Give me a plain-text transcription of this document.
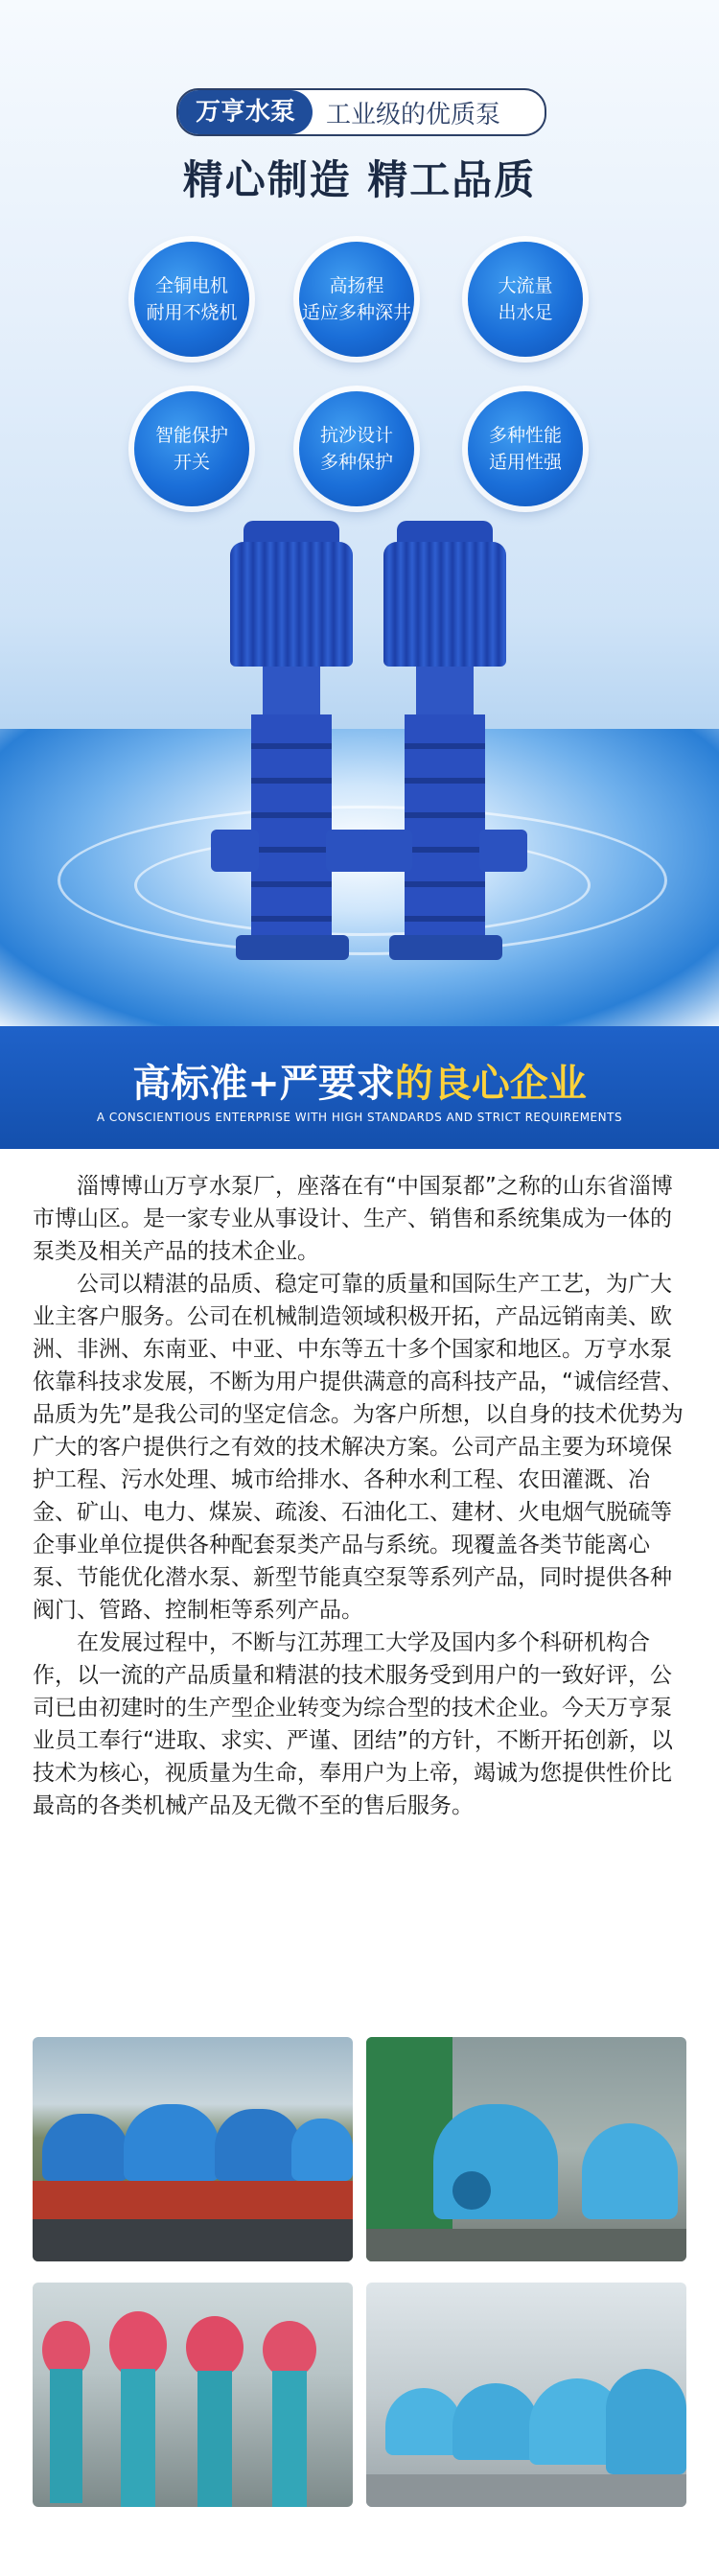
万亨水泵	工业级的优质泵
精心制造 精工品质
全铜电机
耐用不烧机
高扬程
适应多种深井
大流量
出水足
智能保护
开关
抗沙设计
多种保护
多种性能
适用性强
高标准+严要求的良心企业
A CONSCIENTIOUS ENTERPRISE WITH HIGH STANDARDS AND STRICT REQUIREMENTS

淄博博山万亨水泵厂，座落在有“中国泵都”之称的山东省淄博市博山区。是一家专业从事设计、生产、销售和系统集成为一体的泵类及相关产品的技术企业。

公司以精湛的品质、稳定可靠的质量和国际生产工艺，为广大业主客户服务。公司在机械制造领域积极开拓，产品远销南美、欧洲、非洲、东南亚、中亚、中东等五十多个国家和地区。万亨水泵依靠科技求发展，不断为用户提供满意的高科技产品，“诚信经营、品质为先”是我公司的坚定信念。为客户所想，以自身的技术优势为广大的客户提供行之有效的技术解决方案。公司产品主要为环境保护工程、污水处理、城市给排水、各种水利工程、农田灌溉、冶金、矿山、电力、煤炭、疏浚、石油化工、建材、火电烟气脱硫等企事业单位提供各种配套泵类产品与系统。现覆盖各类节能离心泵、节能优化潜水泵、新型节能真空泵等系列产品，同时提供各种阀门、管路、控制柜等系列产品。

在发展过程中，不断与江苏理工大学及国内多个科研机构合作，以一流的产品质量和精湛的技术服务受到用户的一致好评，公司已由初建时的生产型企业转变为综合型的技术企业。今天万亨泵业员工奉行“进取、求实、严谨、团结”的方针，不断开拓创新，以技术为核心，视质量为生命，奉用户为上帝，竭诚为您提供性价比最高的各类机械产品及无微不至的售后服务。
